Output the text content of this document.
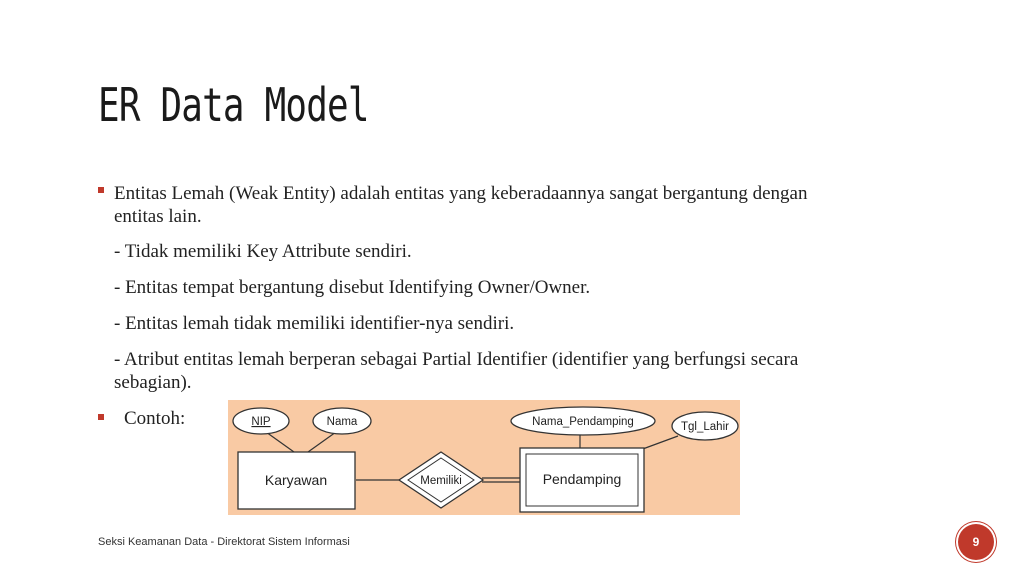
ER Data Model
Entitas Lemah (Weak Entity) adalah entitas yang keberadaannya sangat bergantung dengan entitas lain.
- Tidak memiliki Key Attribute sendiri.
- Entitas tempat bergantung disebut Identifying Owner/Owner.
- Entitas lemah tidak memiliki identifier-nya sendiri.
- Atribut entitas lemah berperan sebagai Partial Identifier (identifier yang berfungsi secara sebagian).
Contoh:	NIP	Nama	Nama_Pendamping	Tgl_Lahir
Karyawan	Memiliki	Pendamping
Seksi Keamanan Data - Direktorat Sistem Informasi	9
